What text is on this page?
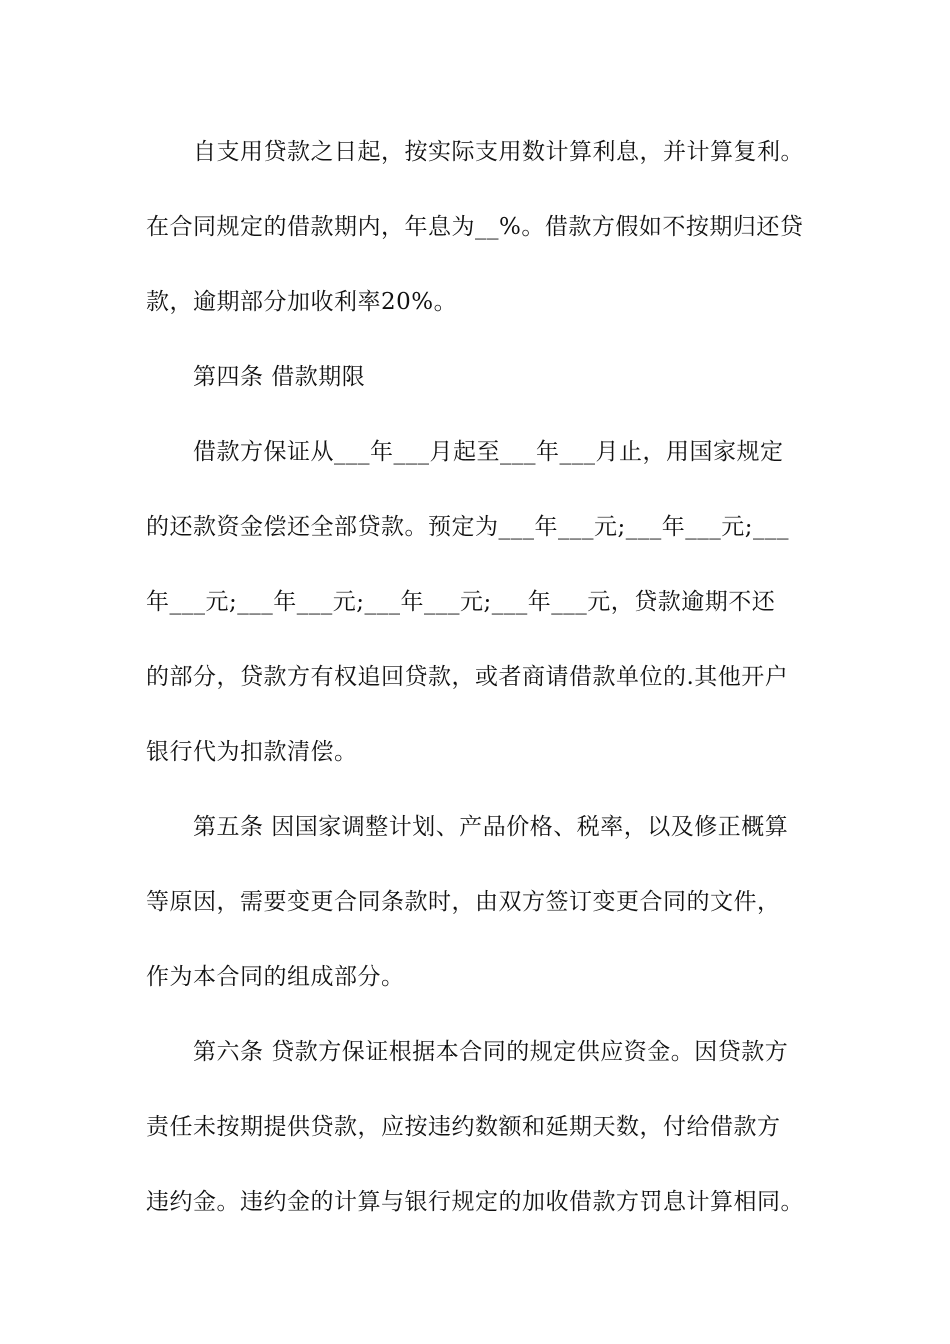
自支用贷款之日起，按实际支用数计算利息，并计算复利。
在合同规定的借款期内，年息为__%。借款方假如不按期归还贷
款，逾期部分加收利率20%。
第四条 借款期限
借款方保证从___年___月起至___年___月止，用国家规定
的还款资金偿还全部贷款。预定为___年___元;___年___元;___
年___元;___年___元;___年___元;___年___元，贷款逾期不还
的部分，贷款方有权追回贷款，或者商请借款单位的.其他开户
银行代为扣款清偿。
第五条 因国家调整计划、产品价格、税率，以及修正概算
等原因，需要变更合同条款时，由双方签订变更合同的文件，
作为本合同的组成部分。
第六条 贷款方保证根据本合同的规定供应资金。因贷款方
责任未按期提供贷款，应按违约数额和延期天数，付给借款方
违约金。违约金的计算与银行规定的加收借款方罚息计算相同。
